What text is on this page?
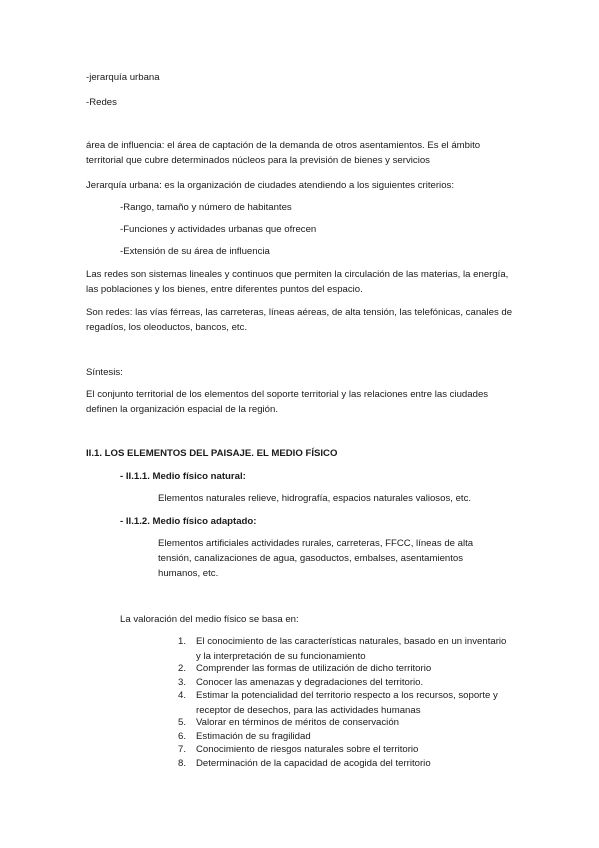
-jerarquía urbana

-Redes

área de influencia: el área de captación de la demanda de otros asentamientos. Es el ámbito territorial que cubre determinados núcleos para la previsión de bienes y servicios

Jerarquía urbana: es la organización de ciudades atendiendo a los siguientes criterios:

-Rango, tamaño y número de habitantes

-Funciones y actividades urbanas que ofrecen

-Extensión de su área de influencia

Las redes son sistemas lineales y continuos que permiten la circulación de las materias, la energía, las poblaciones y los bienes, entre diferentes puntos del espacio.

Son redes: las vías férreas, las carreteras, líneas aéreas, de alta tensión, las telefónicas, canales de regadíos, los oleoductos, bancos, etc.

Síntesis:

El conjunto territorial de los elementos del soporte territorial y las relaciones entre las ciudades definen la organización espacial de la región.

II.1. LOS ELEMENTOS DEL PAISAJE. EL MEDIO FÍSICO

- II.1.1. Medio físico natural:

Elementos naturales relieve, hidrografía, espacios naturales valiosos, etc.

- II.1.2. Medio físico adaptado:

Elementos artificiales actividades rurales, carreteras, FFCC, líneas de alta tensión, canalizaciones de agua, gasoductos, embalses, asentamientos humanos, etc.

La valoración del medio físico se basa en:

1. El conocimiento de las características naturales, basado en un inventario y la interpretación de su funcionamiento
2. Comprender las formas de utilización de dicho territorio
3. Conocer las amenazas y degradaciones del territorio.
4. Estimar la potencialidad del territorio respecto a los recursos, soporte y receptor de desechos, para las actividades humanas
5. Valorar en términos de méritos de conservación
6. Estimación de su fragilidad
7. Conocimiento de riesgos naturales sobre el territorio
8. Determinación de la capacidad de acogida del territorio
